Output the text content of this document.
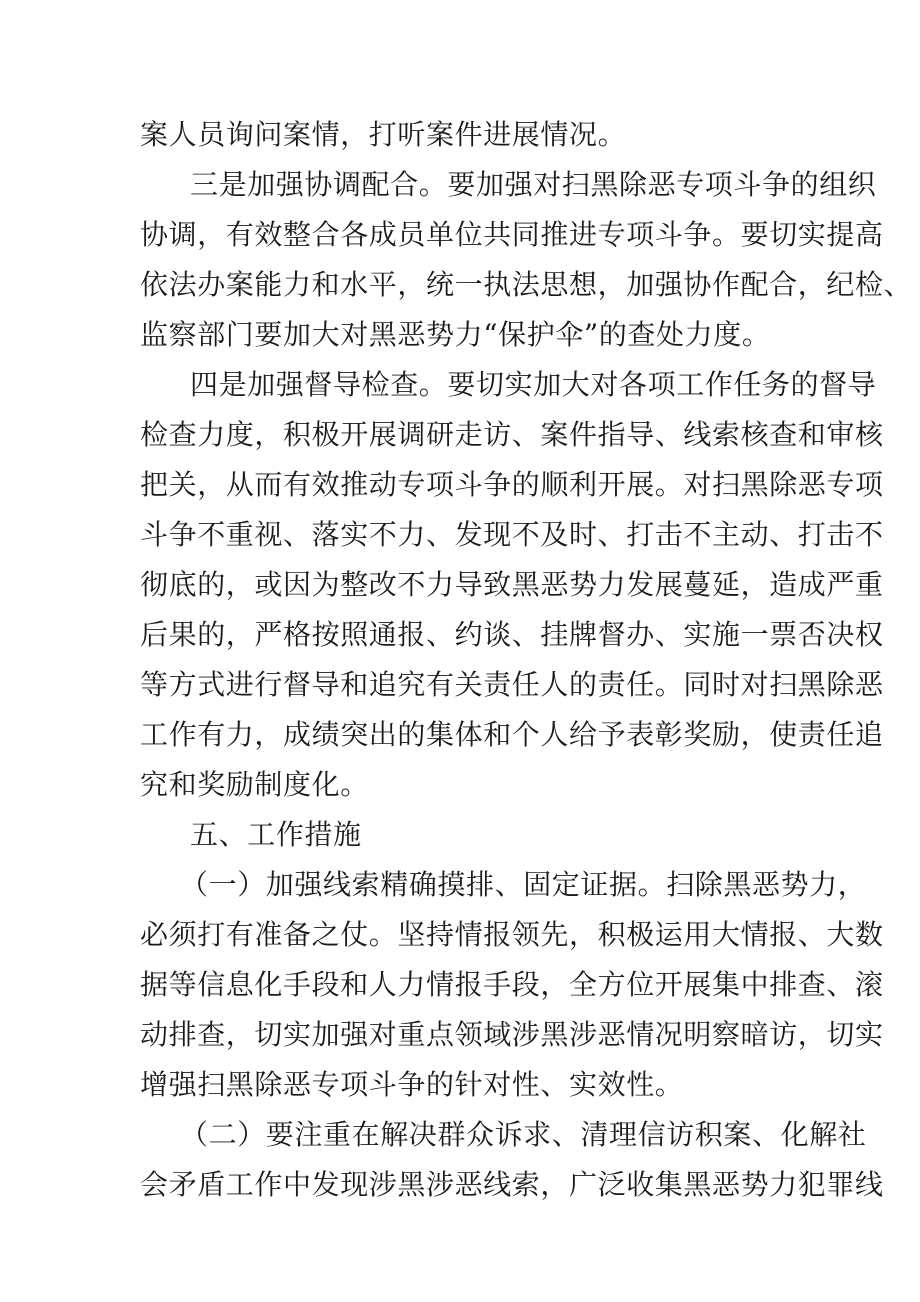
案人员询问案情，打听案件进展情况。
三是加强协调配合。要加强对扫黑除恶专项斗争的组织
协调，有效整合各成员单位共同推进专项斗争。要切实提高
依法办案能力和水平，统一执法思想，加强协作配合，纪检、
监察部门要加大对黑恶势力“保护伞”的查处力度。
四是加强督导检查。要切实加大对各项工作任务的督导
检查力度，积极开展调研走访、案件指导、线索核查和审核
把关，从而有效推动专项斗争的顺利开展。对扫黑除恶专项
斗争不重视、落实不力、发现不及时、打击不主动、打击不
彻底的，或因为整改不力导致黑恶势力发展蔓延，造成严重
后果的，严格按照通报、约谈、挂牌督办、实施一票否决权
等方式进行督导和追究有关责任人的责任。同时对扫黑除恶
工作有力，成绩突出的集体和个人给予表彰奖励，使责任追
究和奖励制度化。
五、工作措施
（一）加强线索精确摸排、固定证据。扫除黑恶势力，
必须打有准备之仗。坚持情报领先，积极运用大情报、大数
据等信息化手段和人力情报手段，全方位开展集中排查、滚
动排查，切实加强对重点领域涉黑涉恶情况明察暗访，切实
增强扫黑除恶专项斗争的针对性、实效性。
（二）要注重在解决群众诉求、清理信访积案、化解社
会矛盾工作中发现涉黑涉恶线索，广泛收集黑恶势力犯罪线
